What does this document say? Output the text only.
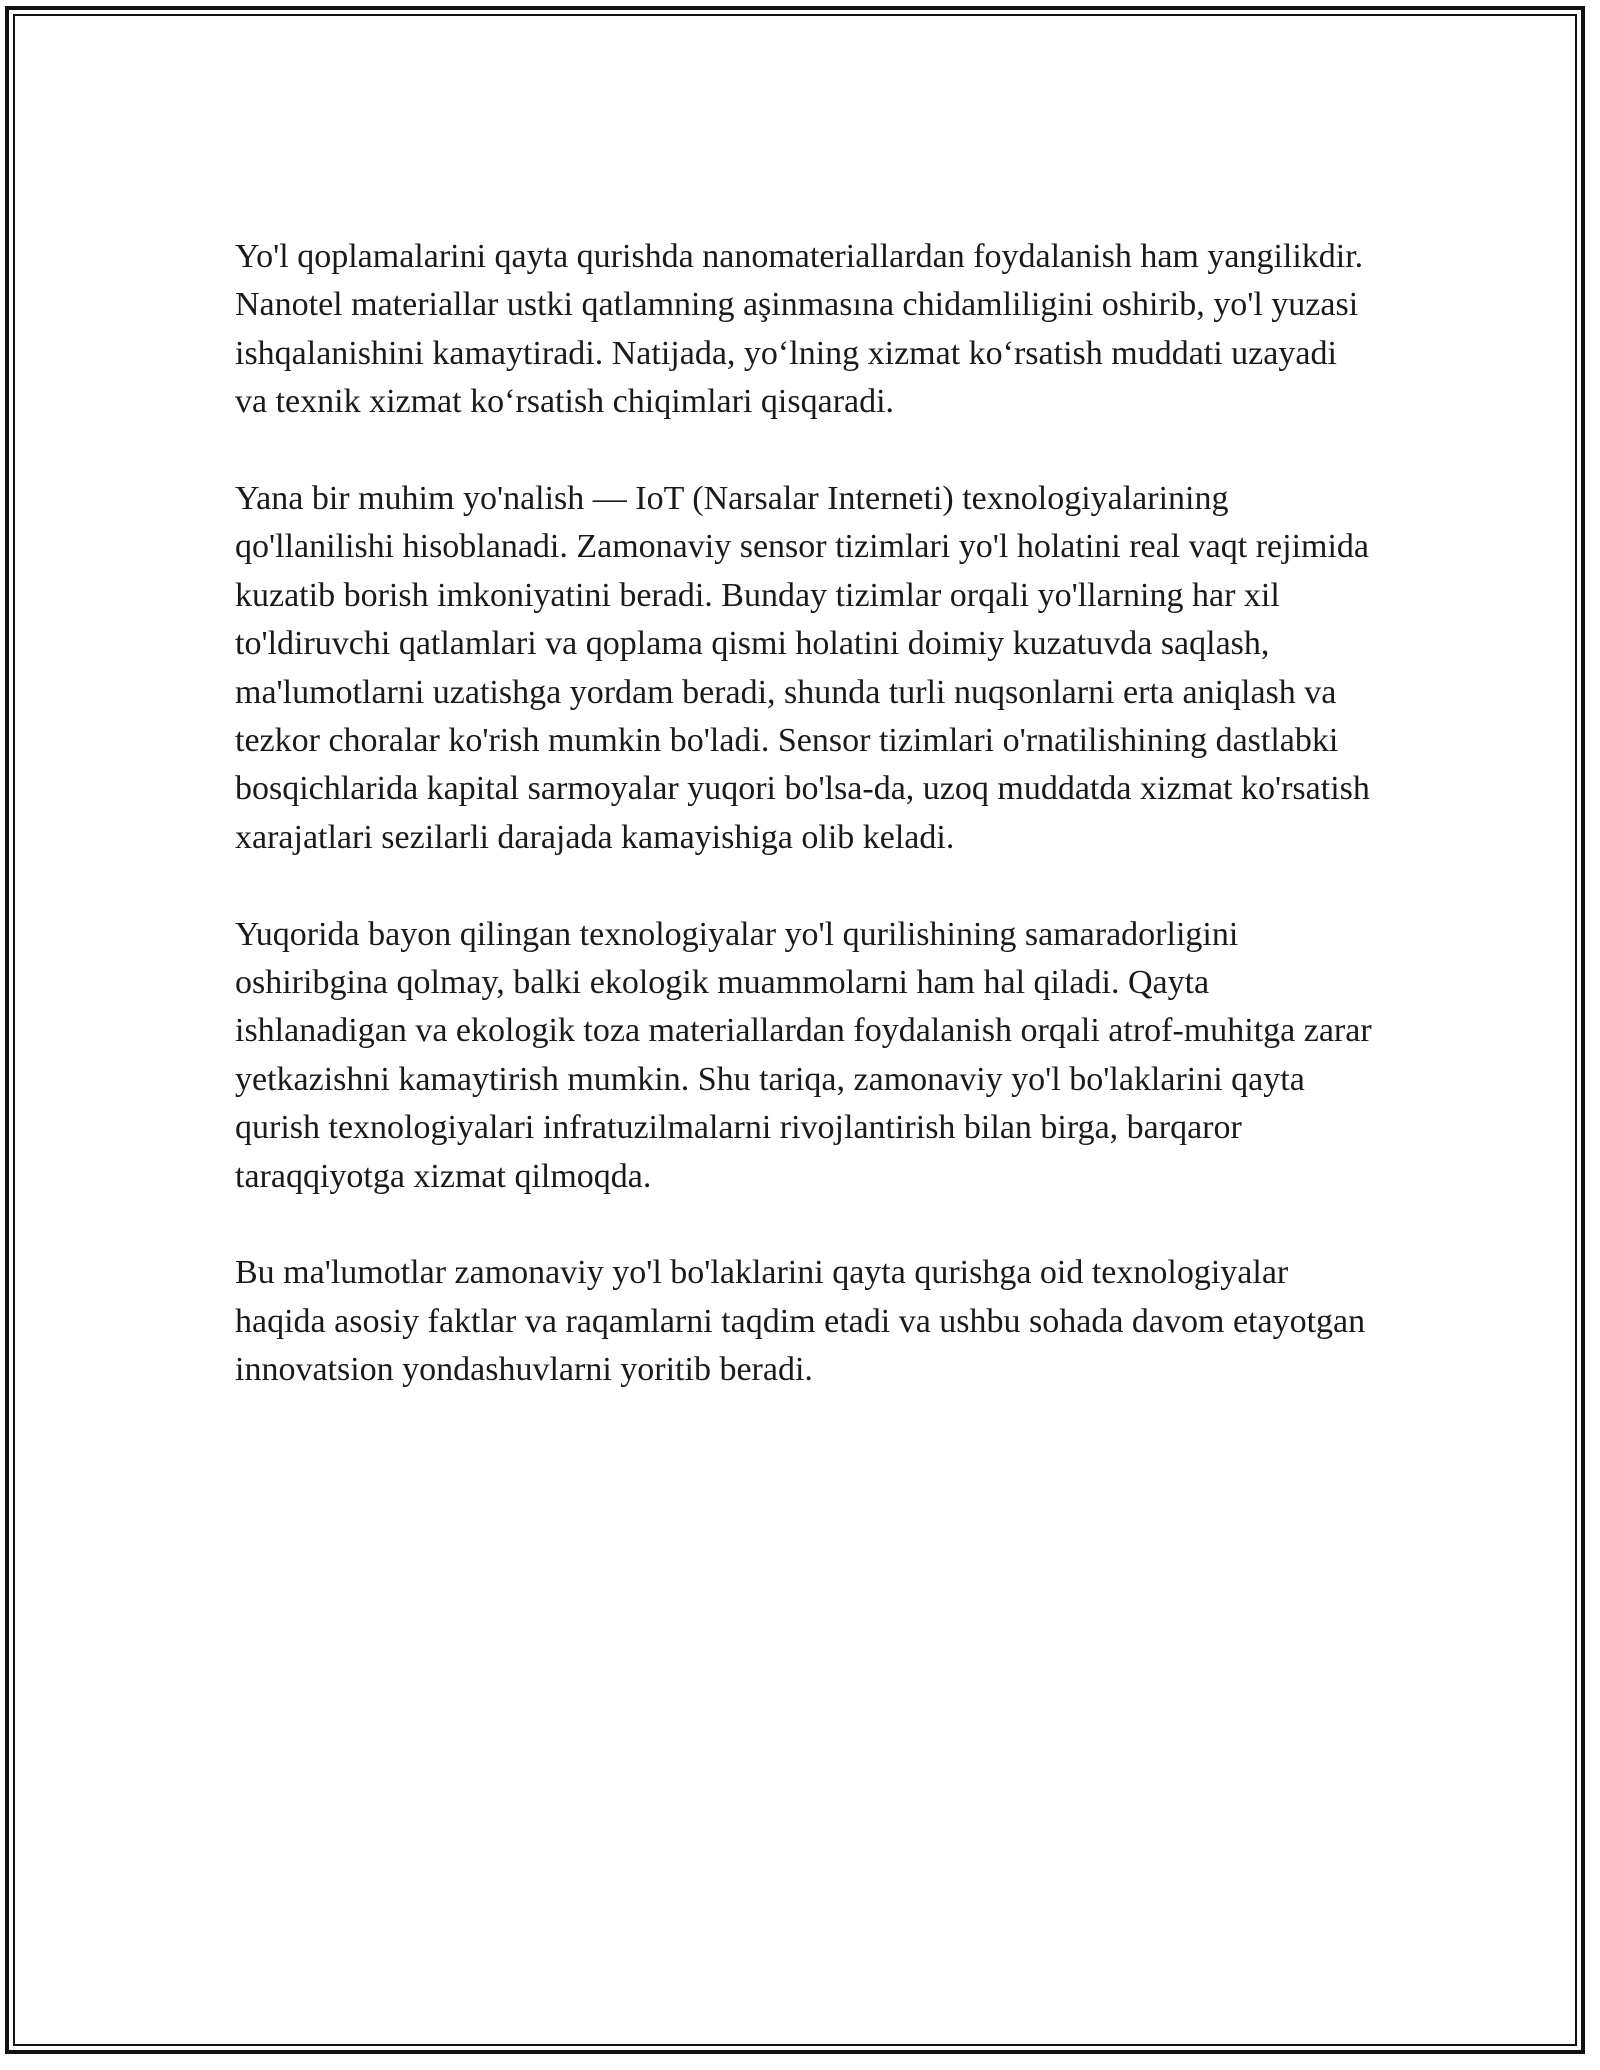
Yo'l qoplamalarini qayta qurishda nanomateriallardan foydalanish ham yangilikdir. Nanotel materiallar ustki qatlamning aşinmasına chidamliligini oshirib, yo'l yuzasi ishqalanishini kamaytiradi. Natijada, yo‘lning xizmat ko‘rsatish muddati uzayadi va texnik xizmat ko‘rsatish chiqimlari qisqaradi.

Yana bir muhim yo'nalish — IoT (Narsalar Interneti) texnologiyalarining qo'llanilishi hisoblanadi. Zamonaviy sensor tizimlari yo'l holatini real vaqt rejimida kuzatib borish imkoniyatini beradi. Bunday tizimlar orqali yo'llarning har xil to'ldiruvchi qatlamlari va qoplama qismi holatini doimiy kuzatuvda saqlash, ma'lumotlarni uzatishga yordam beradi, shunda turli nuqsonlarni erta aniqlash va tezkor choralar ko'rish mumkin bo'ladi. Sensor tizimlari o'rnatilishining dastlabki bosqichlarida kapital sarmoyalar yuqori bo'lsa-da, uzoq muddatda xizmat ko'rsatish xarajatlari sezilarli darajada kamayishiga olib keladi.

Yuqorida bayon qilingan texnologiyalar yo'l qurilishining samaradorligini oshiribgina qolmay, balki ekologik muammolarni ham hal qiladi. Qayta ishlanadigan va ekologik toza materiallardan foydalanish orqali atrof-muhitga zarar yetkazishni kamaytirish mumkin. Shu tariqa, zamonaviy yo'l bo'laklarini qayta qurish texnologiyalari infratuzilmalarni rivojlantirish bilan birga, barqaror taraqqiyotga xizmat qilmoqda.

Bu ma'lumotlar zamonaviy yo'l bo'laklarini qayta qurishga oid texnologiyalar haqida asosiy faktlar va raqamlarni taqdim etadi va ushbu sohada davom etayotgan innovatsion yondashuvlarni yoritib beradi.
